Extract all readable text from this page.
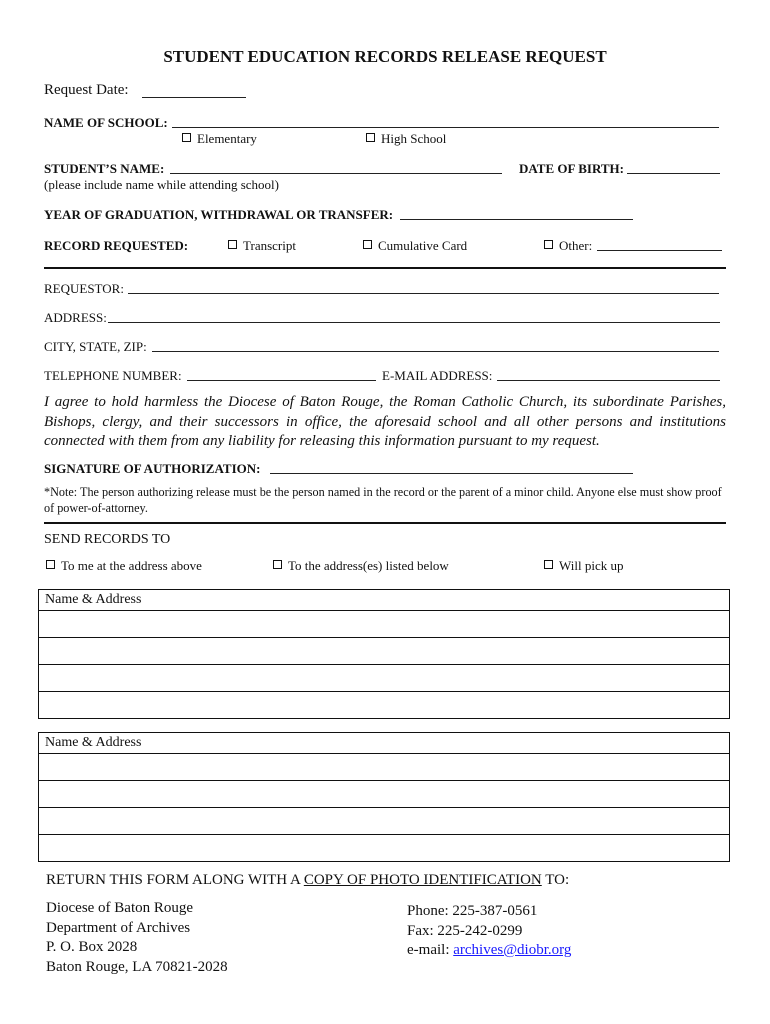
STUDENT EDUCATION RECORDS RELEASE REQUEST
Request Date:
NAME OF SCHOOL:
Elementary	High School
STUDENT’S NAME:	DATE OF BIRTH:
(please include name while attending school)
YEAR OF GRADUATION, WITHDRAWAL OR TRANSFER:
RECORD REQUESTED:	Transcript	Cumulative Card	Other:
REQUESTOR:
ADDRESS:
CITY, STATE, ZIP:
TELEPHONE NUMBER:	E-MAIL ADDRESS:
I agree to hold harmless the Diocese of Baton Rouge, the Roman Catholic Church, its subordinate Parishes, Bishops, clergy, and their successors in office, the aforesaid school and all other persons and institutions connected with them from any liability for releasing this information pursuant to my request.
SIGNATURE OF AUTHORIZATION:
*Note: The person authorizing release must be the person named in the record or the parent of a minor child. Anyone else must show proof of power-of-attorney.
SEND RECORDS TO
To me at the address above	To the address(es) listed below	Will pick up
Name & Address
Name & Address
RETURN THIS FORM ALONG WITH A COPY OF PHOTO IDENTIFICATION TO:
Diocese of Baton Rouge
Department of Archives
P. O. Box 2028
Baton Rouge, LA 70821-2028
Phone: 225-387-0561
Fax: 225-242-0299
e-mail: archives@diobr.org
